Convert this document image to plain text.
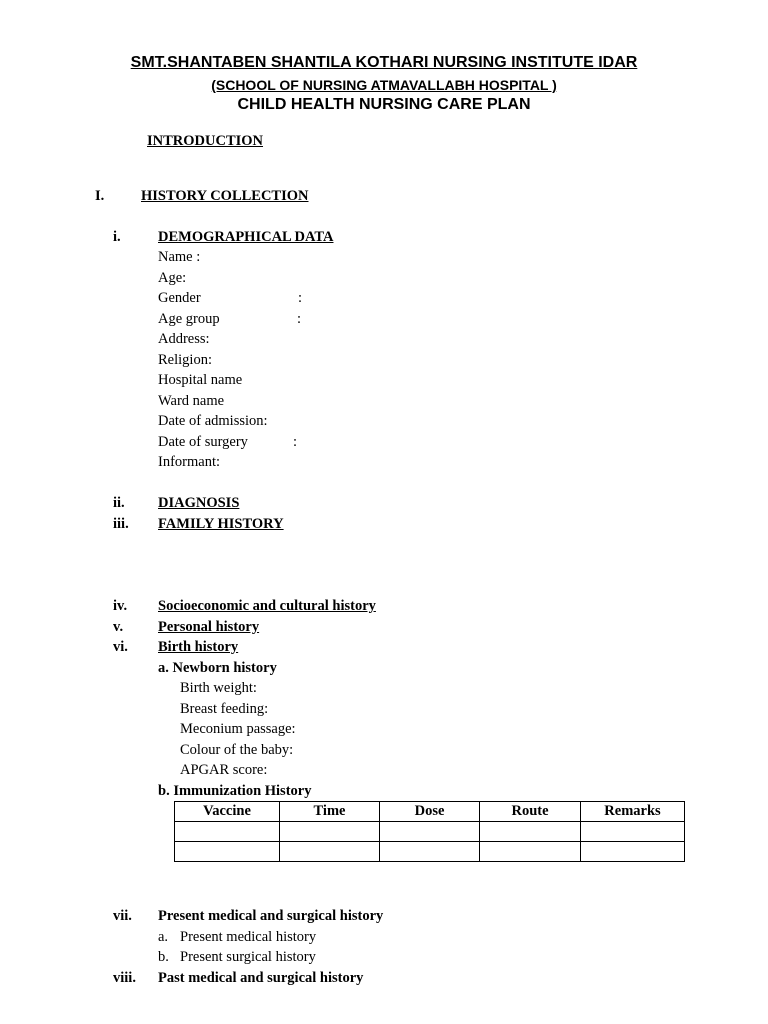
SMT.SHANTABEN SHANTILA KOTHARI NURSING INSTITUTE IDAR
(SCHOOL OF NURSING ATMAVALLABH HOSPITAL )
CHILD HEALTH NURSING CARE PLAN
INTRODUCTION
I.	HISTORY COLLECTION
i.	DEMOGRAPHICAL DATA
Name :
Age:
Gender	:
Age group	:
Address:
Religion:
Hospital name
Ward name
Date of admission:
Date of surgery	:
Informant:
ii. DIAGNOSIS
iii. FAMILY HISTORY
iv. Socioeconomic and cultural history
v. Personal history
vi. Birth history
a. Newborn history
Birth weight:
Breast feeding:
Meconium passage:
Colour of the baby:
APGAR score:
b. Immunization History
Vaccine	Time	Dose	Route	Remarks

vii. Present medical and surgical history
a. Present medical history
b. Present surgical history
viii. Past medical and surgical history
